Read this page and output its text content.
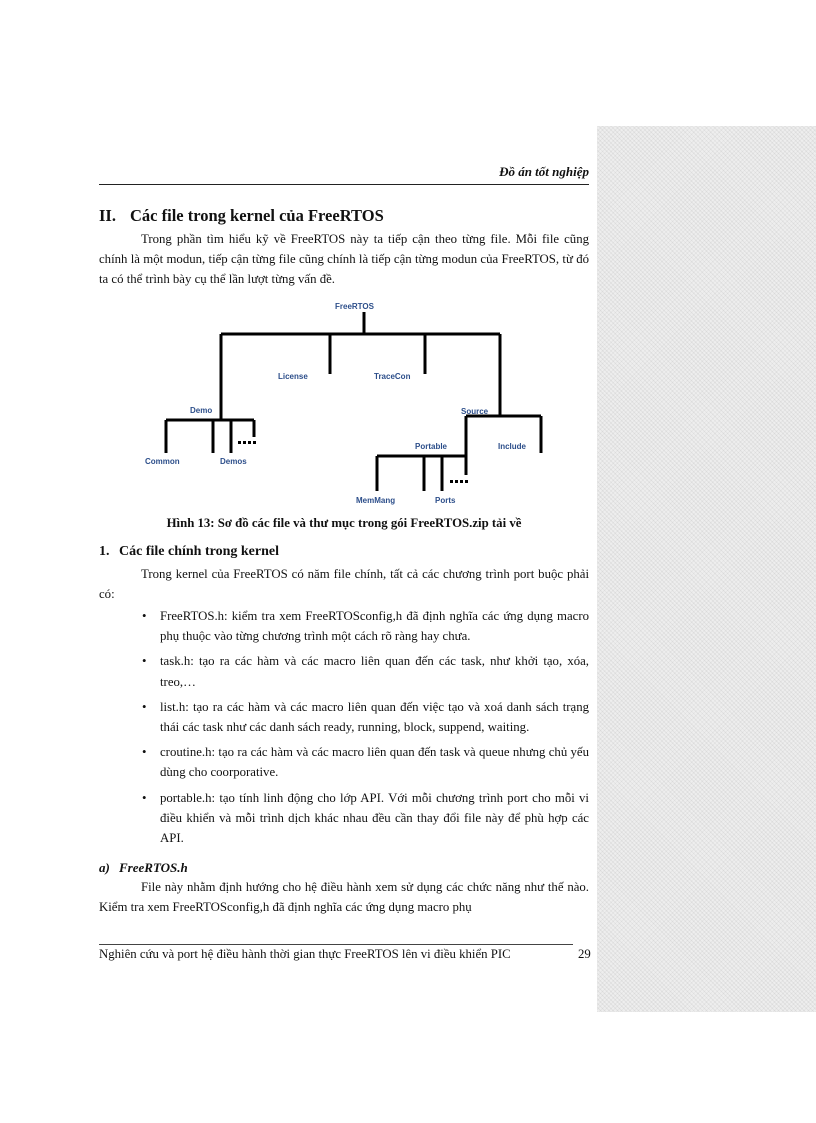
Đồ án tốt nghiệp
II. Các file trong kernel của FreeRTOS
Trong phần tìm hiểu kỹ về FreeRTOS này ta tiếp cận theo từng file. Mỗi file cũng chính là một modun, tiếp cận từng file cũng chính là tiếp cận từng modun của FreeRTOS, từ đó ta có thể trình bày cụ thể lần lượt từng vấn đề.
FreeRTOS
License	TraceCon
Demo	Source
Common	Demos
Portable	Include
MemMang	Ports
Hình 13: Sơ đồ các file và thư mục trong gói FreeRTOS.zip tải về
1. Các file chính trong kernel
Trong kernel của FreeRTOS có năm file chính, tất cả các chương trình port buộc phải có:
• FreeRTOS.h: kiểm tra xem FreeRTOSconfig,h đã định nghĩa các ứng dụng macro phụ thuộc vào từng chương trình một cách rõ ràng hay chưa.
• task.h: tạo ra các hàm và các macro liên quan đến các task, như khởi tạo, xóa, treo,…
• list.h: tạo ra các hàm và các macro liên quan đến việc tạo và xoá danh sách trạng thái các task như các danh sách ready, running, block, suppend, waiting.
• croutine.h: tạo ra các hàm và các macro liên quan đến task và queue nhưng chủ yếu dùng cho coorporative.
• portable.h: tạo tính linh động cho lớp API. Với mỗi chương trình port cho mỗi vi điều khiển và mỗi trình dịch khác nhau đều cần thay đổi file này để phù hợp các API.
a) FreeRTOS.h
File này nhằm định hướng cho hệ điều hành xem sử dụng các chức năng như thế nào. Kiểm tra xem FreeRTOSconfig,h đã định nghĩa các ứng dụng macro phụ
Nghiên cứu và port hệ điều hành thời gian thực FreeRTOS lên vi điều khiển PIC	29
